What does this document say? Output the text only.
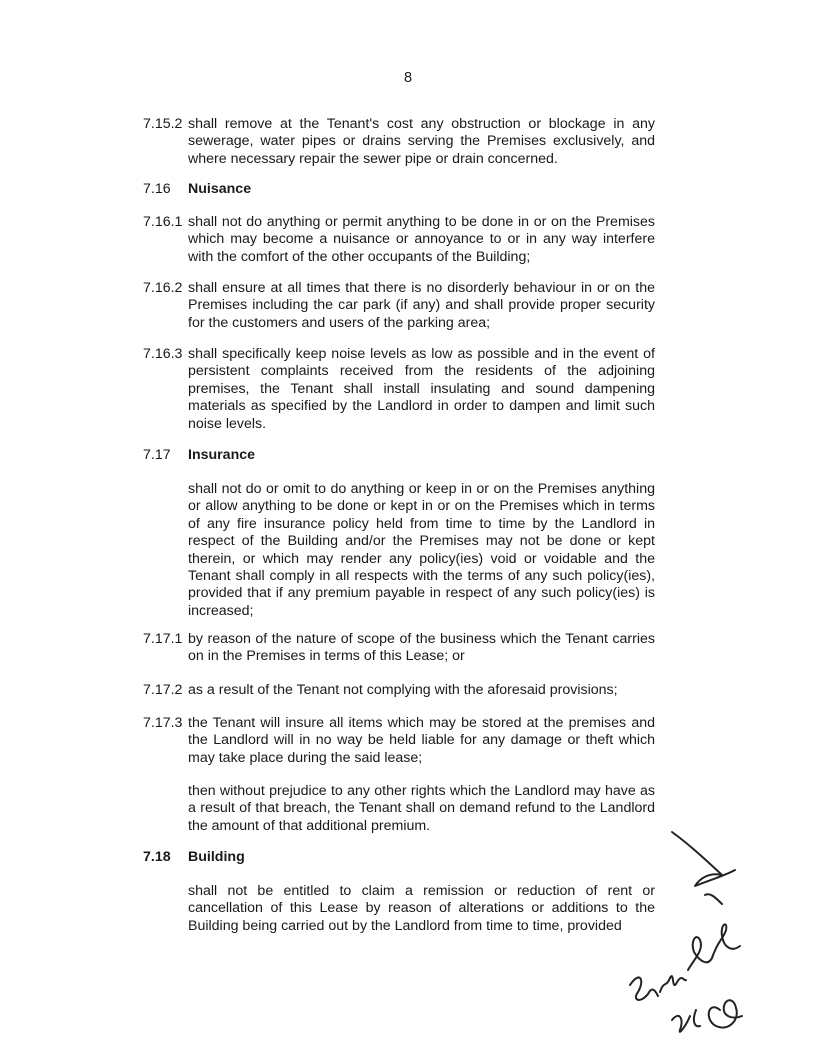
8
7.15.2 shall remove at the Tenant's cost any obstruction or blockage in any sewerage, water pipes or drains serving the Premises exclusively, and where necessary repair the sewer pipe or drain concerned.
7.16	Nuisance
7.16.1 shall not do anything or permit anything to be done in or on the Premises which may become a nuisance or annoyance to or in any way interfere with the comfort of the other occupants of the Building;
7.16.2 shall ensure at all times that there is no disorderly behaviour in or on the Premises including the car park (if any) and shall provide proper security for the customers and users of the parking area;
7.16.3 shall specifically keep noise levels as low as possible and in the event of persistent complaints received from the residents of the adjoining premises, the Tenant shall install insulating and sound dampening materials as specified by the Landlord in order to dampen and limit such noise levels.
7.17	Insurance
shall not do or omit to do anything or keep in or on the Premises anything or allow anything to be done or kept in or on the Premises which in terms of any fire insurance policy held from time to time by the Landlord in respect of the Building and/or the Premises may not be done or kept therein, or which may render any policy(ies) void or voidable and the Tenant shall comply in all respects with the terms of any such policy(ies), provided that if any premium payable in respect of any such policy(ies) is increased;
7.17.1 by reason of the nature of scope of the business which the Tenant carries on in the Premises in terms of this Lease; or
7.17.2 as a result of the Tenant not complying with the aforesaid provisions;
7.17.3 the Tenant will insure all items which may be stored at the premises and the Landlord will in no way be held liable for any damage or theft which may take place during the said lease;
then without prejudice to any other rights which the Landlord may have as a result of that breach, the Tenant shall on demand refund to the Landlord the amount of that additional premium.
7.18	Building
shall not be entitled to claim a remission or reduction of rent or cancellation of this Lease by reason of alterations or additions to the Building being carried out by the Landlord from time to time, provided
